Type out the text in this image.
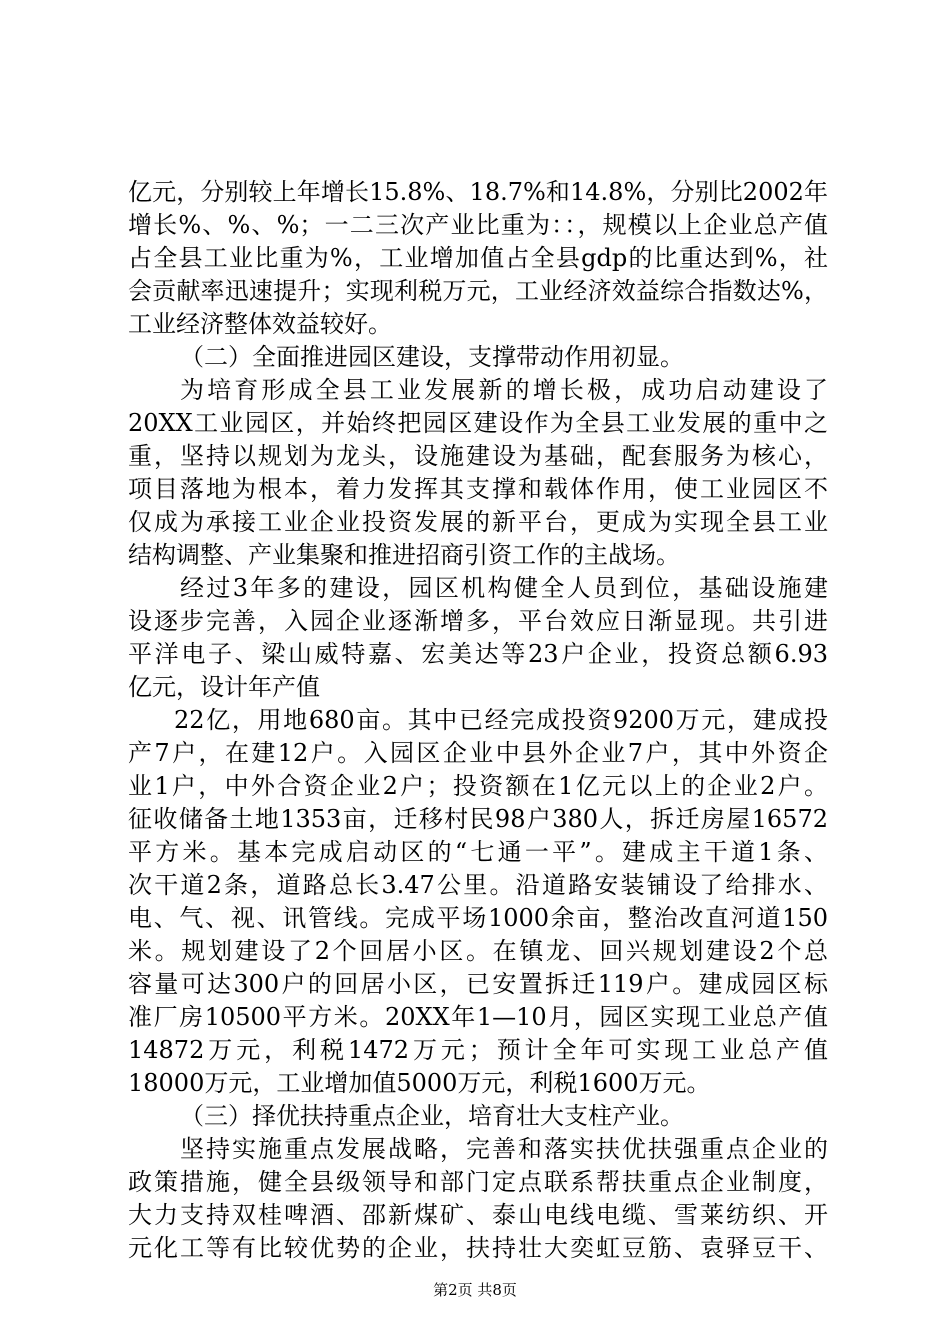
亿元，分别较上年增长15.8%、18.7%和14.8%，分别比2002年
增长%、%、%；一二三次产业比重为：：，规模以上企业总产值
占全县工业比重为%，工业增加值占全县gdp的比重达到%，社
会贡献率迅速提升；实现利税万元，工业经济效益综合指数达%，
工业经济整体效益较好。
（二）全面推进园区建设，支撑带动作用初显。
为培育形成全县工业发展新的增长极，成功启动建设了
20XX工业园区，并始终把园区建设作为全县工业发展的重中之
重，坚持以规划为龙头，设施建设为基础，配套服务为核心，
项目落地为根本，着力发挥其支撑和载体作用，使工业园区不
仅成为承接工业企业投资发展的新平台，更成为实现全县工业
结构调整、产业集聚和推进招商引资工作的主战场。
经过3年多的建设，园区机构健全人员到位，基础设施建
设逐步完善，入园企业逐渐增多，平台效应日渐显现。共引进
平洋电子、梁山威特嘉、宏美达等23户企业，投资总额6.93
亿元，设计年产值
22亿，用地680亩。其中已经完成投资9200万元，建成投
产7户，在建12户。入园区企业中县外企业7户，其中外资企
业1户，中外合资企业2户；投资额在1亿元以上的企业2户。
征收储备土地1353亩，迁移村民98户380人，拆迁房屋16572
平方米。基本完成启动区的“七通一平”。建成主干道1条、
次干道2条，道路总长3.47公里。沿道路安装铺设了给排水、
电、气、视、讯管线。完成平场1000余亩，整治改直河道150
米。规划建设了2个回居小区。在镇龙、回兴规划建设2个总
容量可达300户的回居小区，已安置拆迁119户。建成园区标
准厂房10500平方米。20XX年1—10月，园区实现工业总产值
14872万元，利税1472万元；预计全年可实现工业总产值
18000万元，工业增加值5000万元，利税1600万元。
（三）择优扶持重点企业，培育壮大支柱产业。
坚持实施重点发展战略，完善和落实扶优扶强重点企业的
政策措施，健全县级领导和部门定点联系帮扶重点企业制度，
大力支持双桂啤酒、邵新煤矿、泰山电线电缆、雪莱纺织、开
元化工等有比较优势的企业，扶持壮大奕虹豆筋、袁驿豆干、
第2页 共8页
